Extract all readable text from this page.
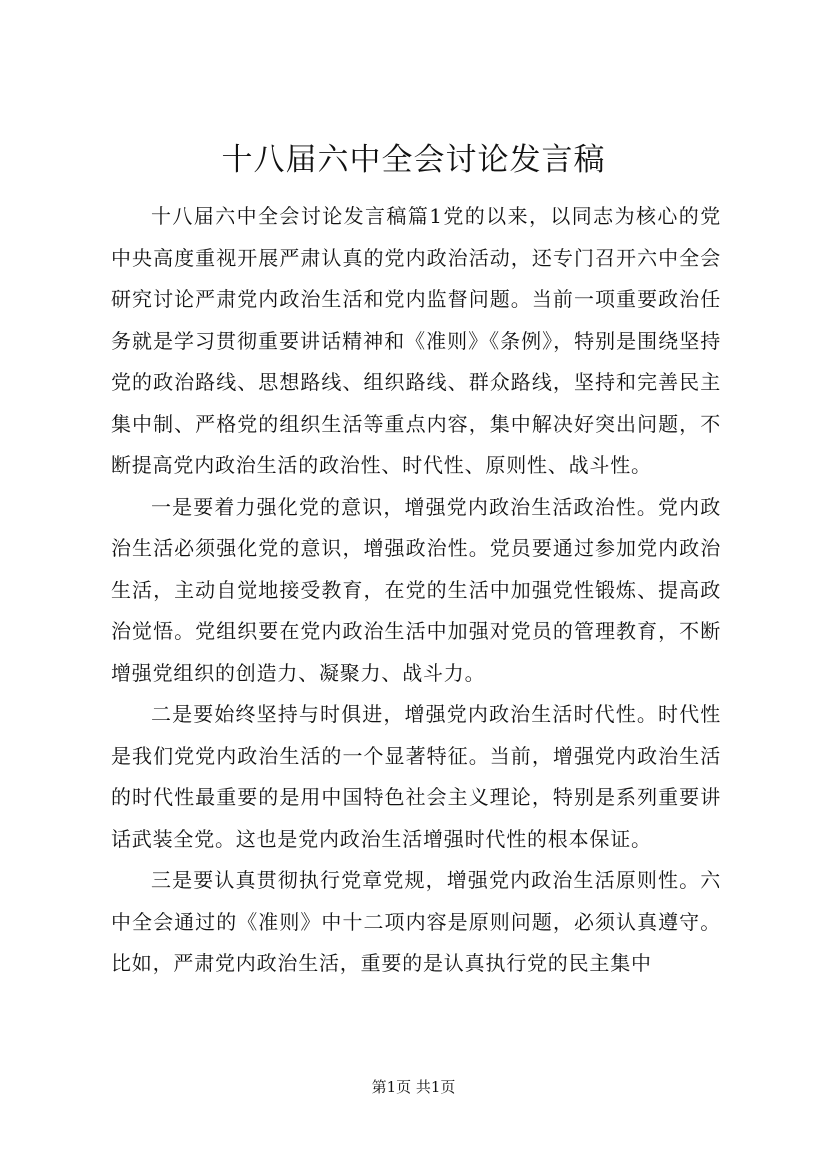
十八届六中全会讨论发言稿

十八届六中全会讨论发言稿篇1党的以来，以同志为核心的党中央高度重视开展严肃认真的党内政治活动，还专门召开六中全会研究讨论严肃党内政治生活和党内监督问题。当前一项重要政治任务就是学习贯彻重要讲话精神和《准则》《条例》，特别是围绕坚持党的政治路线、思想路线、组织路线、群众路线，坚持和完善民主集中制、严格党的组织生活等重点内容，集中解决好突出问题，不断提高党内政治生活的政治性、时代性、原则性、战斗性。

一是要着力强化党的意识，增强党内政治生活政治性。党内政治生活必须强化党的意识，增强政治性。党员要通过参加党内政治生活，主动自觉地接受教育，在党的生活中加强党性锻炼、提高政治觉悟。党组织要在党内政治生活中加强对党员的管理教育，不断增强党组织的创造力、凝聚力、战斗力。

二是要始终坚持与时俱进，增强党内政治生活时代性。时代性是我们党党内政治生活的一个显著特征。当前，增强党内政治生活的时代性最重要的是用中国特色社会主义理论，特别是系列重要讲话武装全党。这也是党内政治生活增强时代性的根本保证。

三是要认真贯彻执行党章党规，增强党内政治生活原则性。六中全会通过的《准则》中十二项内容是原则问题，必须认真遵守。比如，严肃党内政治生活，重要的是认真执行党的民主集中

第1页 共1页
